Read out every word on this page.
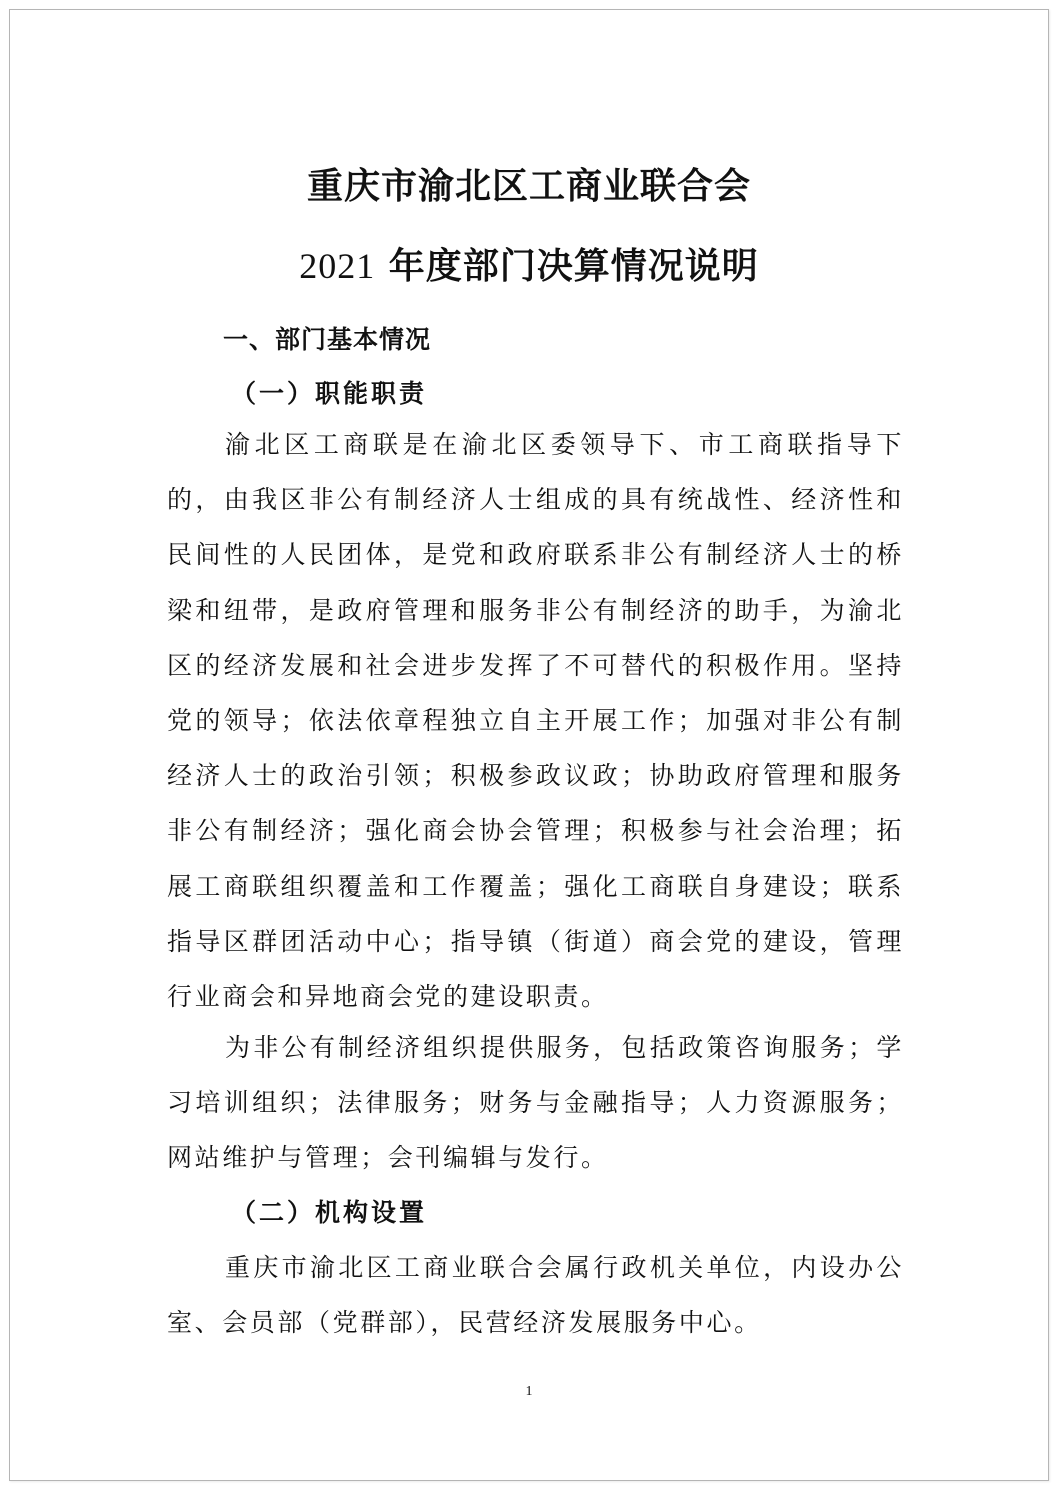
重庆市渝北区工商业联合会
2021 年度部门决算情况说明
一、部门基本情况
（一）职能职责

渝北区工商联是在渝北区委领导下、市工商联指导下的，由我区非公有制经济人士组成的具有统战性、经济性和民间性的人民团体，是党和政府联系非公有制经济人士的桥梁和纽带，是政府管理和服务非公有制经济的助手，为渝北区的经济发展和社会进步发挥了不可替代的积极作用。坚持党的领导；依法依章程独立自主开展工作；加强对非公有制经济人士的政治引领；积极参政议政；协助政府管理和服务非公有制经济；强化商会协会管理；积极参与社会治理；拓展工商联组织覆盖和工作覆盖；强化工商联自身建设；联系指导区群团活动中心；指导镇（街道）商会党的建设，管理行业商会和异地商会党的建设职责。

为非公有制经济组织提供服务，包括政策咨询服务；学习培训组织；法律服务；财务与金融指导；人力资源服务；网站维护与管理；会刊编辑与发行。

（二）机构设置

重庆市渝北区工商业联合会属行政机关单位，内设办公室、会员部（党群部），民营经济发展服务中心。

1
